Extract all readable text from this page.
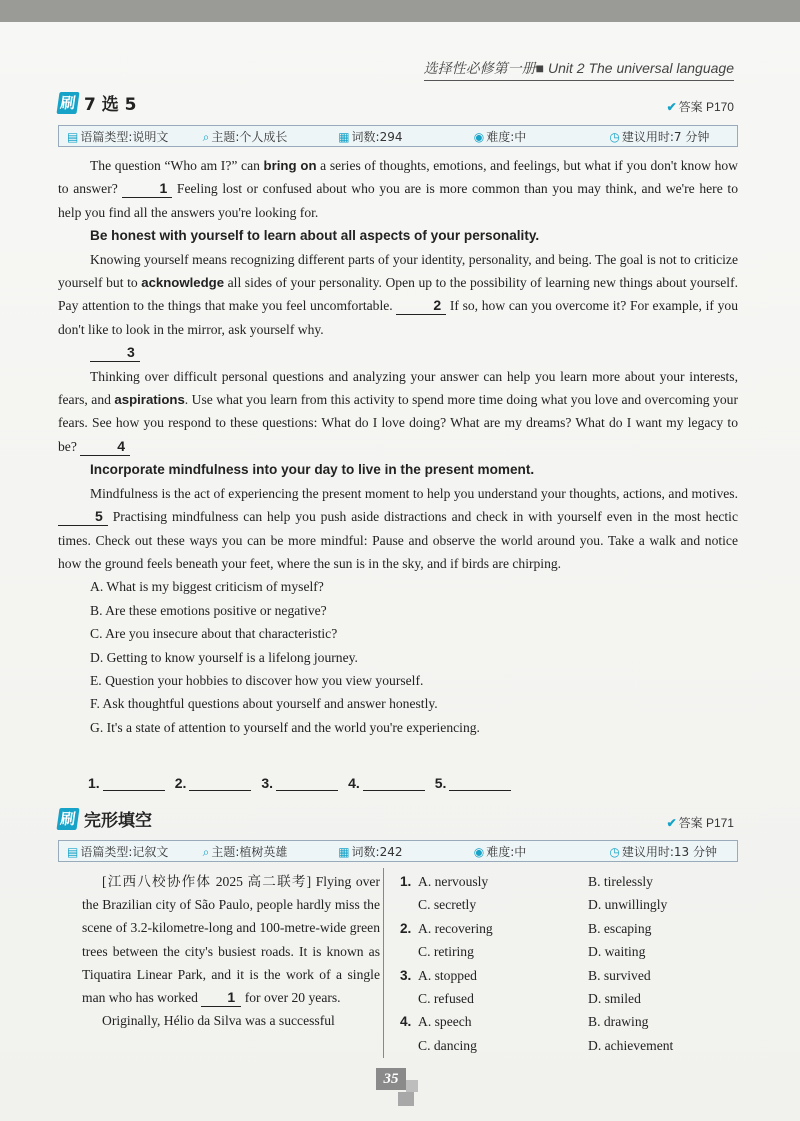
选择性必修第一册■ Unit 2 The universal language
刷 7 选 5	✔ 答案 P170
▤ 语篇类型:说明文	⌕ 主题:个人成长	▦ 词数:294	◉ 难度:中	◷ 建议用时:7 分钟

The question “Who am I?” can bring on a series of thoughts, emotions, and feelings, but what if you don't know how to answer?	1 Feeling lost or confused about who you are is more common than you may think, and we're here to help you find all the answers you're looking for.

Be honest with yourself to learn about all aspects of your personality.

Knowing yourself means recognizing different parts of your identity, personality, and being. The goal is not to criticize yourself but to acknowledge all sides of your personality. Open up to the possibility of learning new things about yourself. Pay attention to the things that make you feel uncomfortable.	2 If so, how can you overcome it? For example, if you don't like to look in the mirror, ask yourself why.

3

Thinking over difficult personal questions and analyzing your answer can help you learn more about your interests, fears, and aspirations. Use what you learn from this activity to spend more time doing what you love and overcoming your fears. See how you respond to these questions: What do I love doing? What are my dreams? What do I want my legacy to be?	4

Incorporate mindfulness into your day to live in the present moment.

Mindfulness is the act of experiencing the present moment to help you understand your thoughts, actions, and motives. 5 Practising mindfulness can help you push aside distractions and check in with yourself even in the most hectic times. Check out these ways you can be more mindful: Pause and observe the world around you. Take a walk and notice how the ground feels beneath your feet, where the sun is in the sky, and if birds are chirping.

A. What is my biggest criticism of myself?

B. Are these emotions positive or negative?

C. Are you insecure about that characteristic?

D. Getting to know yourself is a lifelong journey.

E. Question your hobbies to discover how you view yourself.

F. Ask thoughtful questions about yourself and answer honestly.

G. It's a state of attention to yourself and the world you're experiencing.

1.	2.	3.	4.	5.
刷 完形填空	✔ 答案 P171
▤ 语篇类型:记叙文	⌕ 主题:植树英雄	▦ 词数:242	◉ 难度:中	◷ 建议用时:13 分钟

[江西八校协作体 2025 高二联考] Flying over the Brazilian city of São Paulo, people hardly miss the scene of 3.2-kilometre-long and 100-metre-wide green trees between the city's busiest roads. It is known as Tiquatira Linear Park, and it is the work of a single man who has worked 1 for over 20 years.

Originally, Hélio da Silva was a successful

1. A. nervously	B. tirelessly
C. secretly	D. unwillingly
2. A. recovering	B. escaping
C. retiring	D. waiting
3. A. stopped	B. survived
C. refused	D. smiled
4. A. speech	B. drawing
C. dancing	D. achievement
35
